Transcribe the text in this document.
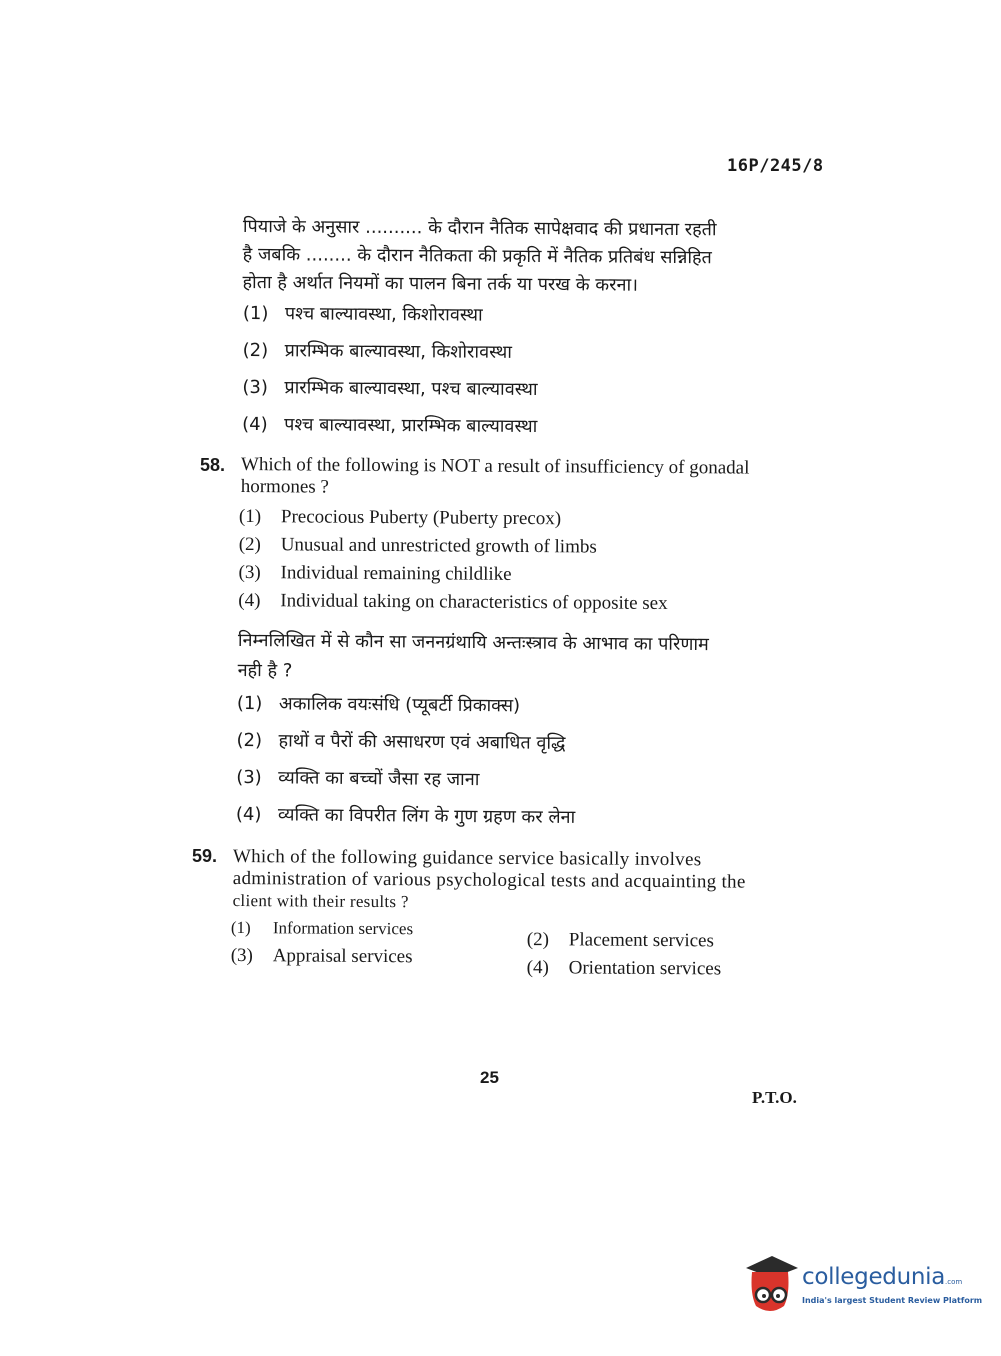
16P/245/8
पियाजे के अनुसार .......... के दौरान नैतिक सापेक्षवाद की प्रधानता रहती
है जबकि ........ के दौरान नैतिकता की प्रकृति में नैतिक प्रतिबंध सन्निहित
होता है अर्थात नियमों का पालन बिना तर्क या परख के करना।
(1) पश्च बाल्यावस्था, किशोरावस्था
(2) प्रारम्भिक बाल्यावस्था, किशोरावस्था
(3) प्रारम्भिक बाल्यावस्था, पश्च बाल्यावस्था
(4) पश्च बाल्यावस्था, प्रारम्भिक बाल्यावस्था
58. Which of the following is NOT a result of insufficiency of gonadal
hormones ?
(1)	Precocious Puberty (Puberty precox)
(2)	Unusual and unrestricted growth of limbs
(3)	Individual remaining childlike
(4)	Individual taking on characteristics of opposite sex
निम्नलिखित में से कौन सा जननग्रंथायि अन्तःस्त्राव के आभाव का परिणाम
नही है ?
(1) अकालिक वयःसंधि (प्यूबर्टी प्रिकाक्स)
(2) हाथों व पैरों की असाधरण एवं अबाधित वृद्धि
(3) व्यक्ति का बच्चों जैसा रह जाना
(4) व्यक्ति का विपरीत लिंग के गुण ग्रहण कर लेना
59. Which of the following guidance service basically involves
administration of various psychological tests and acquainting the
client with their results ?
(1)	Information services
(2)	Placement services
(3)	Appraisal services
(4)	Orientation services
25
P.T.O.
collegedunia.com
India's largest Student Review Platform
